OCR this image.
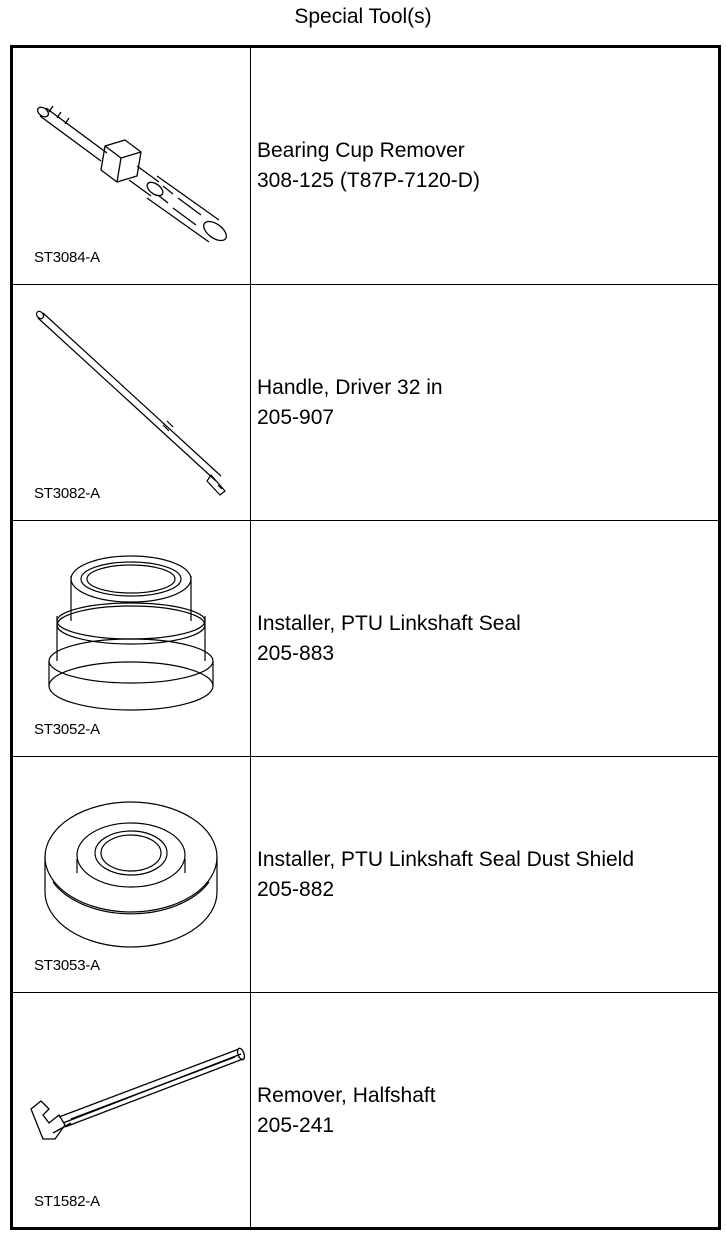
Special Tool(s)
ST3084-A
Bearing Cup Remover
308-125 (T87P-7120-D)
ST3082-A
Handle, Driver 32 in
205-907
ST3052-A
Installer, PTU Linkshaft Seal
205-883
ST3053-A
Installer, PTU Linkshaft Seal Dust Shield
205-882
ST1582-A
Remover, Halfshaft
205-241
